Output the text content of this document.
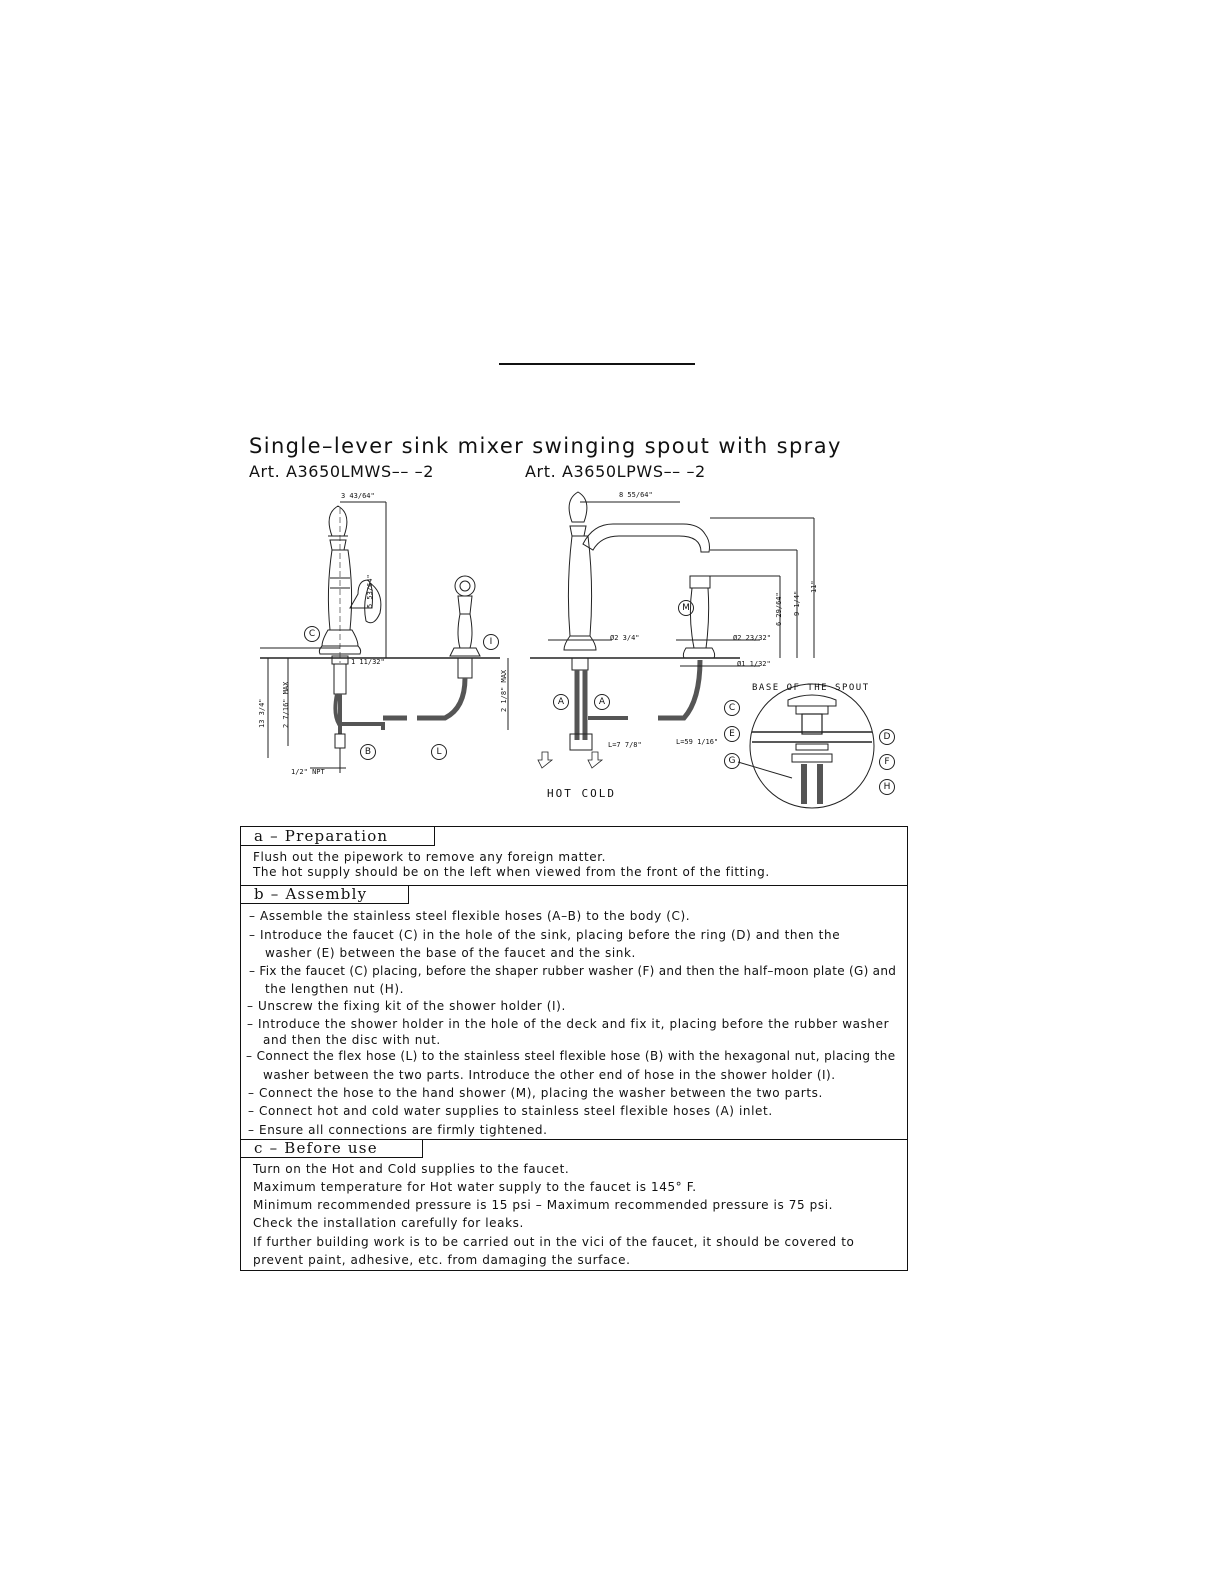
Single–lever sink mixer swinging spout with spray
Art. A3650LMWS–– –2	Art. A3650LPWS–– –2
3 43/64"	8 55/64"
5 53/64"
1 11/32"
2 7/16" MAX
13 3/4"
2 1/8" MAX
1/2" NPT
Ø2 3/4"	Ø2 23/32"
Ø1 1/32"
6 29/64" 9 1/4"
11"
L=7 7/8"	L=59 1/16"
BASE OF THE SPOUT
HOT COLD
C
I
B	L
M
A	A
C
E
G
D
F
H
a – Preparation
Flush out the pipework to remove any foreign matter.
The hot supply should be on the left when viewed from the front of the fitting.
b – Assembly
– Assemble the stainless steel flexible hoses (A–B) to the body (C).
– Introduce the faucet (C) in the hole of the sink, placing before the ring (D) and then the
washer (E) between the base of the faucet and the sink.
– Fix the faucet (C) placing, before the shaper rubber washer (F) and then the half–moon plate (G) and
the lengthen nut (H).
– Unscrew the fixing kit of the shower holder (I).
– Introduce the shower holder in the hole of the deck and fix it, placing before the rubber washer
and then the disc with nut.
– Connect the flex hose (L) to the stainless steel flexible hose (B) with the hexagonal nut, placing the
washer between the two parts. Introduce the other end of hose in the shower holder (I).
– Connect the hose to the hand shower (M), placing the washer between the two parts.
– Connect hot and cold water supplies to stainless steel flexible hoses (A) inlet.
– Ensure all connections are firmly tightened.
c – Before use
Turn on the Hot and Cold supplies to the faucet.
Maximum temperature for Hot water supply to the faucet is 145° F.
Minimum recommended pressure is 15 psi – Maximum recommended pressure is 75 psi.
Check the installation carefully for leaks.
If further building work is to be carried out in the vici of the faucet, it should be covered to
prevent paint, adhesive, etc. from damaging the surface.
